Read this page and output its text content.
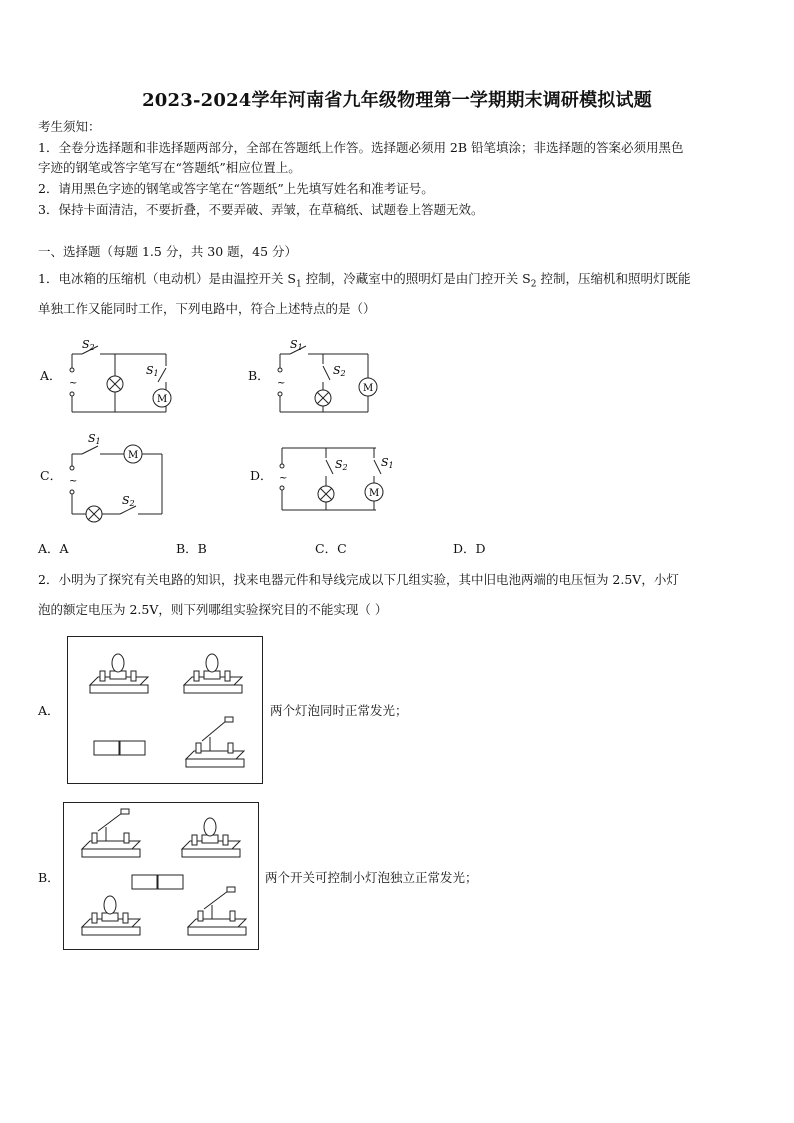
2023-2024学年河南省九年级物理第一学期期末调研模拟试题
考生须知：
1．全卷分选择题和非选择题两部分，全部在答题纸上作答。选择题必须用 2B 铅笔填涂；非选择题的答案必须用黑色
字迹的钢笔或答字笔写在“答题纸”相应位置上。
2．请用黑色字迹的钢笔或答字笔在“答题纸”上先填写姓名和准考证号。
3．保持卡面清洁，不要折叠，不要弄破、弄皱，在草稿纸、试题卷上答题无效。
一、选择题（每题 1.5 分，共 30 题，45 分）
1．电冰箱的压缩机（电动机）是由温控开关 $S_1$ 控制，冷藏室中的照明灯是由门控开关 $S_2$ 控制，压缩机和照明灯既能
单独工作又能同时工作，下列电路中，符合上述特点的是（）
A．
~
S2
S1
M
B．
~
S1
S2
M
C． ~
S1
M
S2
D． ~
S2	S1
M
A．A	B．B	C．C	D．D
2．小明为了探究有关电路的知识，找来电器元件和导线完成以下几组实验，其中旧电池两端的电压恒为 2.5V，小灯
泡的额定电压为 2.5V，则下列哪组实验探究目的不能实现（ ）
A．	两个灯泡同时正常发光；
B．	两个开关可控制小灯泡独立正常发光；
